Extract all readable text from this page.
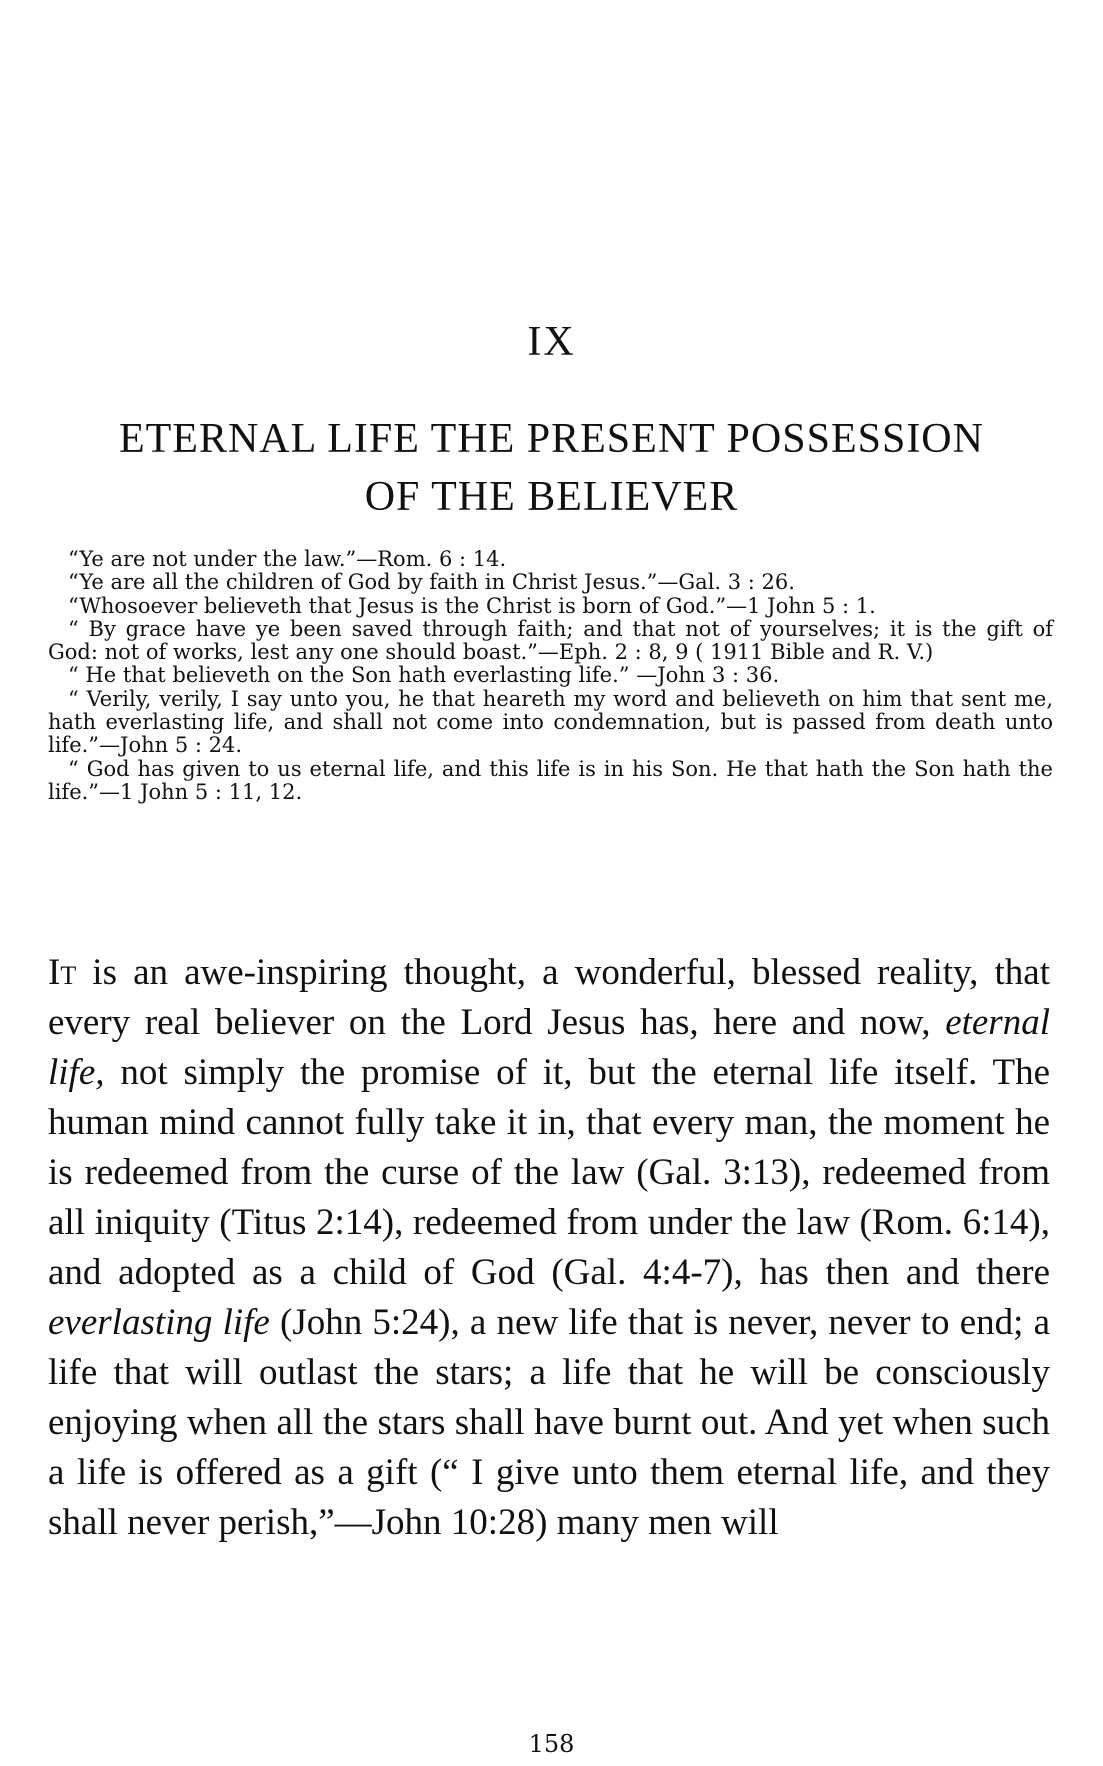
IX
ETERNAL LIFE THE PRESENT POSSESSION
OF THE BELIEVER

“Ye are not under the law.”—Rom. 6 : 14.

“Ye are all the children of God by faith in Christ Jesus.”—Gal. 3 : 26.

“Whosoever believeth that Jesus is the Christ is born of God.”—1 John 5 : 1.

“ By grace have ye been saved through faith; and that not of yourselves; it is the gift of God: not of works, lest any one should boast.”—Eph. 2 : 8, 9 ( 1911 Bible and R. V.)

“ He that believeth on the Son hath everlasting life.” —John 3 : 36.

“ Verily, verily, I say unto you, he that heareth my word and believeth on him that sent me, hath everlasting life, and shall not come into condemnation, but is passed from death unto life.”—John 5 : 24.

“ God has given to us eternal life, and this life is in his Son. He that hath the Son hath the life.”—1 John 5 : 11, 12.

It is an awe-inspiring thought, a wonderful, blessed reality, that every real believer on the Lord Jesus has, here and now, eternal life, not simply the promise of it, but the eternal life itself. The human mind cannot fully take it in, that every man, the moment he is redeemed from the curse of the law (Gal. 3:13), redeemed from all iniquity (Titus 2:14), redeemed from under the law (Rom. 6:14), and adopted as a child of God (Gal. 4:4-7), has then and there everlasting life (John 5:24), a new life that is never, never to end; a life that will outlast the stars; a life that he will be consciously enjoying when all the stars shall have burnt out. And yet when such a life is offered as a gift (“ I give unto them eternal life, and they shall never perish,”—John 10:28) many men will

158
